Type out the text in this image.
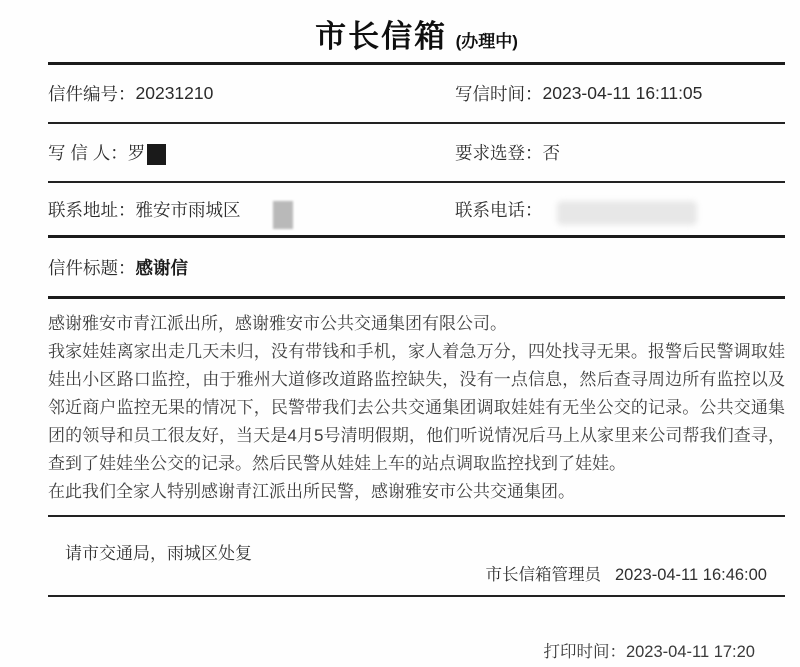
市长信箱 (办理中)
信件编号： 20231210	写信时间： 2023-04-11 16:11:05
写 信 人： 罗	要求选登： 否
联系地址： 雅安市雨城区	联系电话：
信件标题： 感谢信

感谢雅安市青江派出所，感谢雅安市公共交通集团有限公司。

我家娃娃离家出走几天未归，没有带钱和手机，家人着急万分，四处找寻无果。报警后民警调取娃娃出小区路口监控，由于雅州大道修改道路监控缺失，没有一点信息，然后查寻周边所有监控以及邻近商户监控无果的情况下，民警带我们去公共交通集团调取娃娃有无坐公交的记录。公共交通集团的领导和员工很友好，当天是4月5号清明假期，他们听说情况后马上从家里来公司帮我们查寻，查到了娃娃坐公交的记录。然后民警从娃娃上车的站点调取监控找到了娃娃。

在此我们全家人特别感谢青江派出所民警，感谢雅安市公共交通集团。

请市交通局，雨城区处复
市长信箱管理员 2023-04-11 16:46:00

打印时间：2023-04-11 17:20
